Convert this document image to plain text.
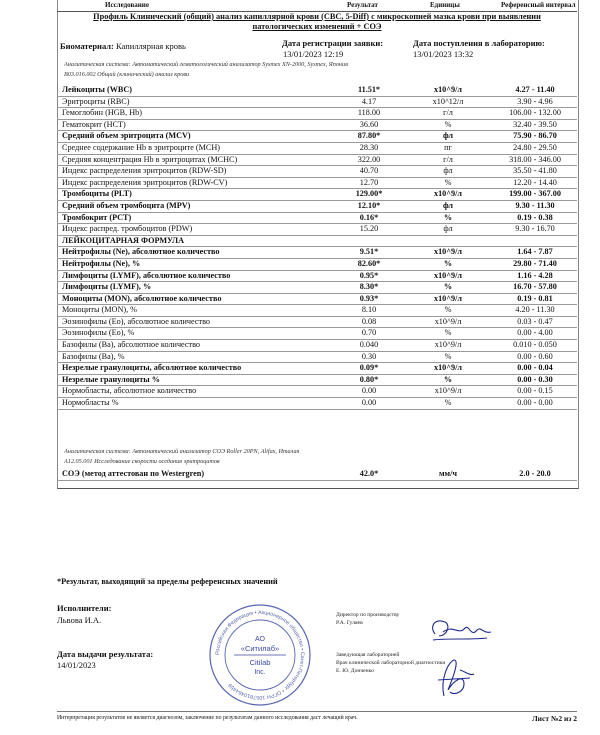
Исследование	Результат	Единицы	Референсный интервал
Профиль Клинический (общий) анализ капиллярной крови (CBC, 5-Diff) с микроскопией мазка крови при выявлении
патологических изменений + СОЭ
Биоматериал: Капиллярная кровь	Дата регистрации заявки:
13/01/2023 12:19
Дата поступления в лабораторию:
13/01/2023 13:32
Аналитическая система: Автоматический гематологический анализатор Sysmex XN-2000, Sysmex, Япония
B03.016.002 Общий (клинический) анализ крови
Лейкоциты (WBC)	11.51*	x10^9/л	4.27 - 11.40
Эритроциты (RBC)	4.17	x10^12/л	3.90 - 4.96
Гемоглобин (HGB, Hb)	118.00	г/л	106.00 - 132.00
Гематокрит (HCT)	36.60	%	32.40 - 39.50
Средний объем эритроцита (MCV)	87.80*	фл	75.90 - 86.70
Среднее содержание Hb в эритроците (MCH)	28.30	пг	24.80 - 29.50
Средняя концентрация Hb в эритроцитах (MCHC)	322.00	г/л	318.00 - 346.00
Индекс распределения эритроцитов (RDW-SD)	40.70	фл	35.50 - 41.80
Индекс распределения эритроцитов (RDW-CV)	12.70	%	12.20 - 14.40
Тромбоциты (PLT)	129.00*	x10^9/л	199.00 - 367.00
Средний объем тромбоцита (MPV)	12.10*	фл	9.30 - 11.30
Тромбокрит (PCT)	0.16*	%	0.19 - 0.38
Индекс распред. тромбоцитов (PDW)	15.20	фл	9.30 - 16.70
ЛЕЙКОЦИТАРНАЯ ФОРМУЛА
Нейтрофилы (Ne), абсолютное количество	9.51*	x10^9/л	1.64 - 7.87
Нейтрофилы (Ne), %	82.60*	%	29.80 - 71.40
Лимфоциты (LYMF), абсолютное количество	0.95*	x10^9/л	1.16 - 4.28
Лимфоциты (LYMF), %	8.30*	%	16.70 - 57.80
Моноциты (MON), абсолютное количество	0.93*	x10^9/л	0.19 - 0.81
Моноциты (MON), %	8.10	%	4.20 - 11.30
Эозинофилы (Eo), абсолютное количество	0.08	x10^9/л	0.03 - 0.47
Эозинофилы (Eo), %	0.70	%	0.00 - 4.00
Базофилы (Ba), абсолютное количество	0.040	x10^9/л	0.010 - 0.050
Базофилы (Ba), %	0.30	%	0.00 - 0.60
Незрелые гранулоциты, абсолютное количество	0.09*	x10^9/л	0.00 - 0.04
Незрелые гранулоциты %	0.80*	%	0.00 - 0.30
Нормобласты, абсолютное количество	0.00	x10^9/л	0.00 - 0.15
Нормобласты %	0.00	%	0.00 - 0.00
Аналитическая система: Автоматический анализатор СОЭ Roller 20PN, Alifax, Италия
A12.05.001 Исследование скорости оседания эритроцитов
СОЭ (метод аттестован по Westergren)	42.0*	мм/ч	2.0 - 20.0
*Результат, выходящий за пределы референсных значений
Исполнители:
Львова И.А.
Дата выдачи результата:
14/01/2023
Российская Федерация • Акционерное общество • Санкт-Петербург • ОГРН 1057810464459
АО
«Ситилаб»
Citilab
Inc.
Директор по производству
Р.А. Гуляев
Заведующая лабораторией
Врач клинической лабораторной диагностики
Е. Ю. Донченко
Интерпретация результатов не является диагнозом, заключение по результатам данного исследования даст лечащий врач.	Лист №2 из 2
